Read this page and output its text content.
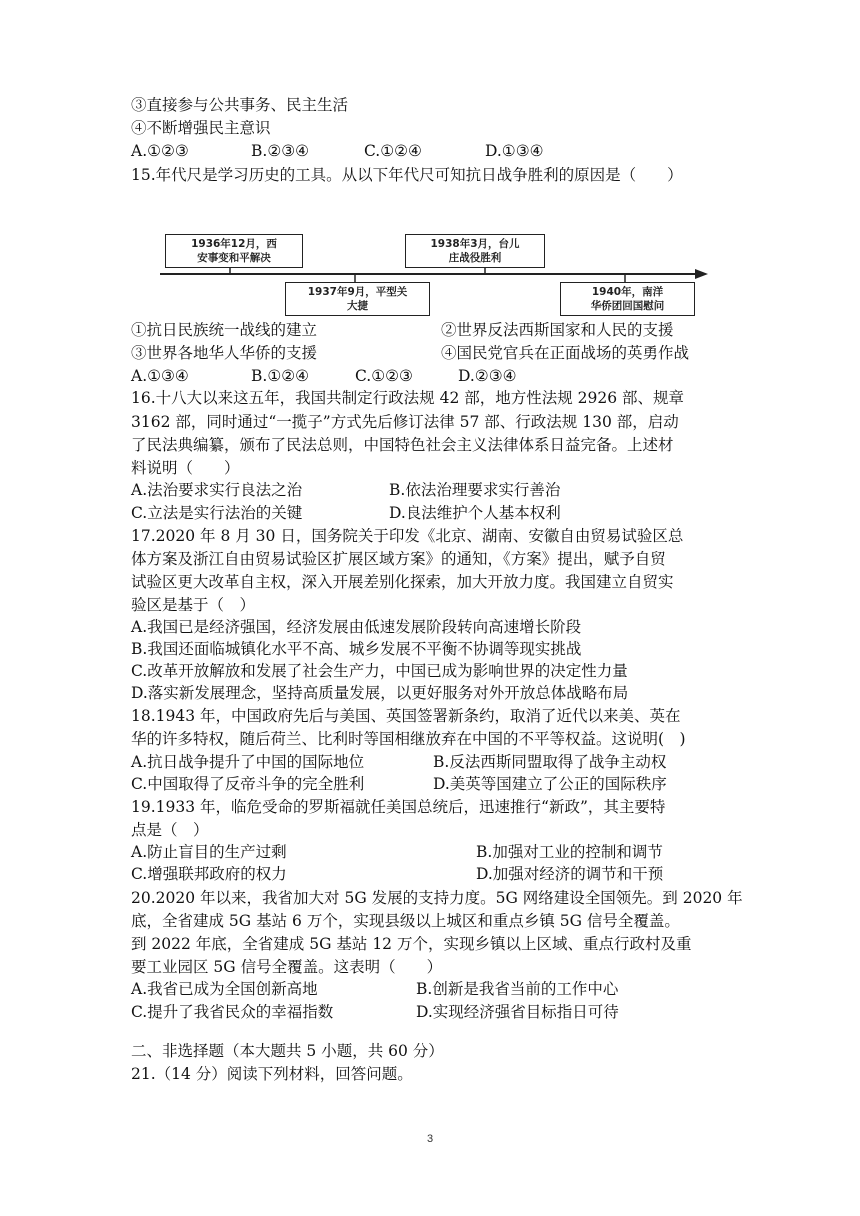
③直接参与公共事务、民主生活
④不断增强民主意识
15.年代尺是学习历史的工具。从以下年代尺可知抗日战争胜利的原因是（　　）
16.十八大以来这五年，我国共制定行政法规 42 部，地方性法规 2926 部、规章
3162 部，同时通过“一揽子”方式先后修订法律 57 部、行政法规 130 部，启动
了民法典编纂，颁布了民法总则，中国特色社会主义法律体系日益完备。上述材
料说明（　　）
17.2020 年 8 月 30 日，国务院关于印发《北京、湖南、安徽自由贸易试验区总
体方案及浙江自由贸易试验区扩展区域方案》的通知，《方案》提出，赋予自贸
试验区更大改革自主权，深入开展差别化探索，加大开放力度。我国建立自贸实
验区是基于（　）
A.我国已是经济强国，经济发展由低速发展阶段转向高速增长阶段
B.我国还面临城镇化水平不高、城乡发展不平衡不协调等现实挑战
C.改革开放解放和发展了社会生产力，中国已成为影响世界的决定性力量
D.落实新发展理念，坚持高质量发展，以更好服务对外开放总体战略布局
18.1943 年，中国政府先后与美国、英国签署新条约，取消了近代以来美、英在
华的许多特权，随后荷兰、比利时等国相继放弃在中国的不平等权益。这说明(　)
19.1933 年，临危受命的罗斯福就任美国总统后，迅速推行“新政”，其主要特
点是（　）
20.2020 年以来，我省加大对 5G 发展的支持力度。5G 网络建设全国领先。到 2020 年
底，全省建成 5G 基站 6 万个，实现县级以上城区和重点乡镇 5G 信号全覆盖。
到 2022 年底，全省建成 5G 基站 12 万个，实现乡镇以上区域、重点行政村及重
要工业园区 5G 信号全覆盖。这表明（　　）
二、非选择题（本大题共 5 小题，共 60 分）
21.（14 分）阅读下列材料，回答问题。
A.①②③	B.②③④	C.①②④	D.①③④
①抗日民族统一战线的建立	②世界反法西斯国家和人民的支援
③世界各地华人华侨的支援	④国民党官兵在正面战场的英勇作战
A.①③④	B.①②④	C.①②③	D.②③④
A.法治要求实行良法之治	B.依法治理要求实行善治
C.立法是实行法治的关键	D.良法维护个人基本权利
A.抗日战争提升了中国的国际地位	B.反法西斯同盟取得了战争主动权
C.中国取得了反帝斗争的完全胜利	D.美英等国建立了公正的国际秩序
A.防止盲目的生产过剩	B.加强对工业的控制和调节
C.增强联邦政府的权力	D.加强对经济的调节和干预
A.我省已成为全国创新高地	B.创新是我省当前的工作中心
C.提升了我省民众的幸福指数	D.实现经济强省目标指日可待
1936年12月，西
安事变和平解决
1938年3月，台儿
庄战役胜利
1937年9月，平型关
大捷
1940年，南洋
华侨团回国慰问
3
